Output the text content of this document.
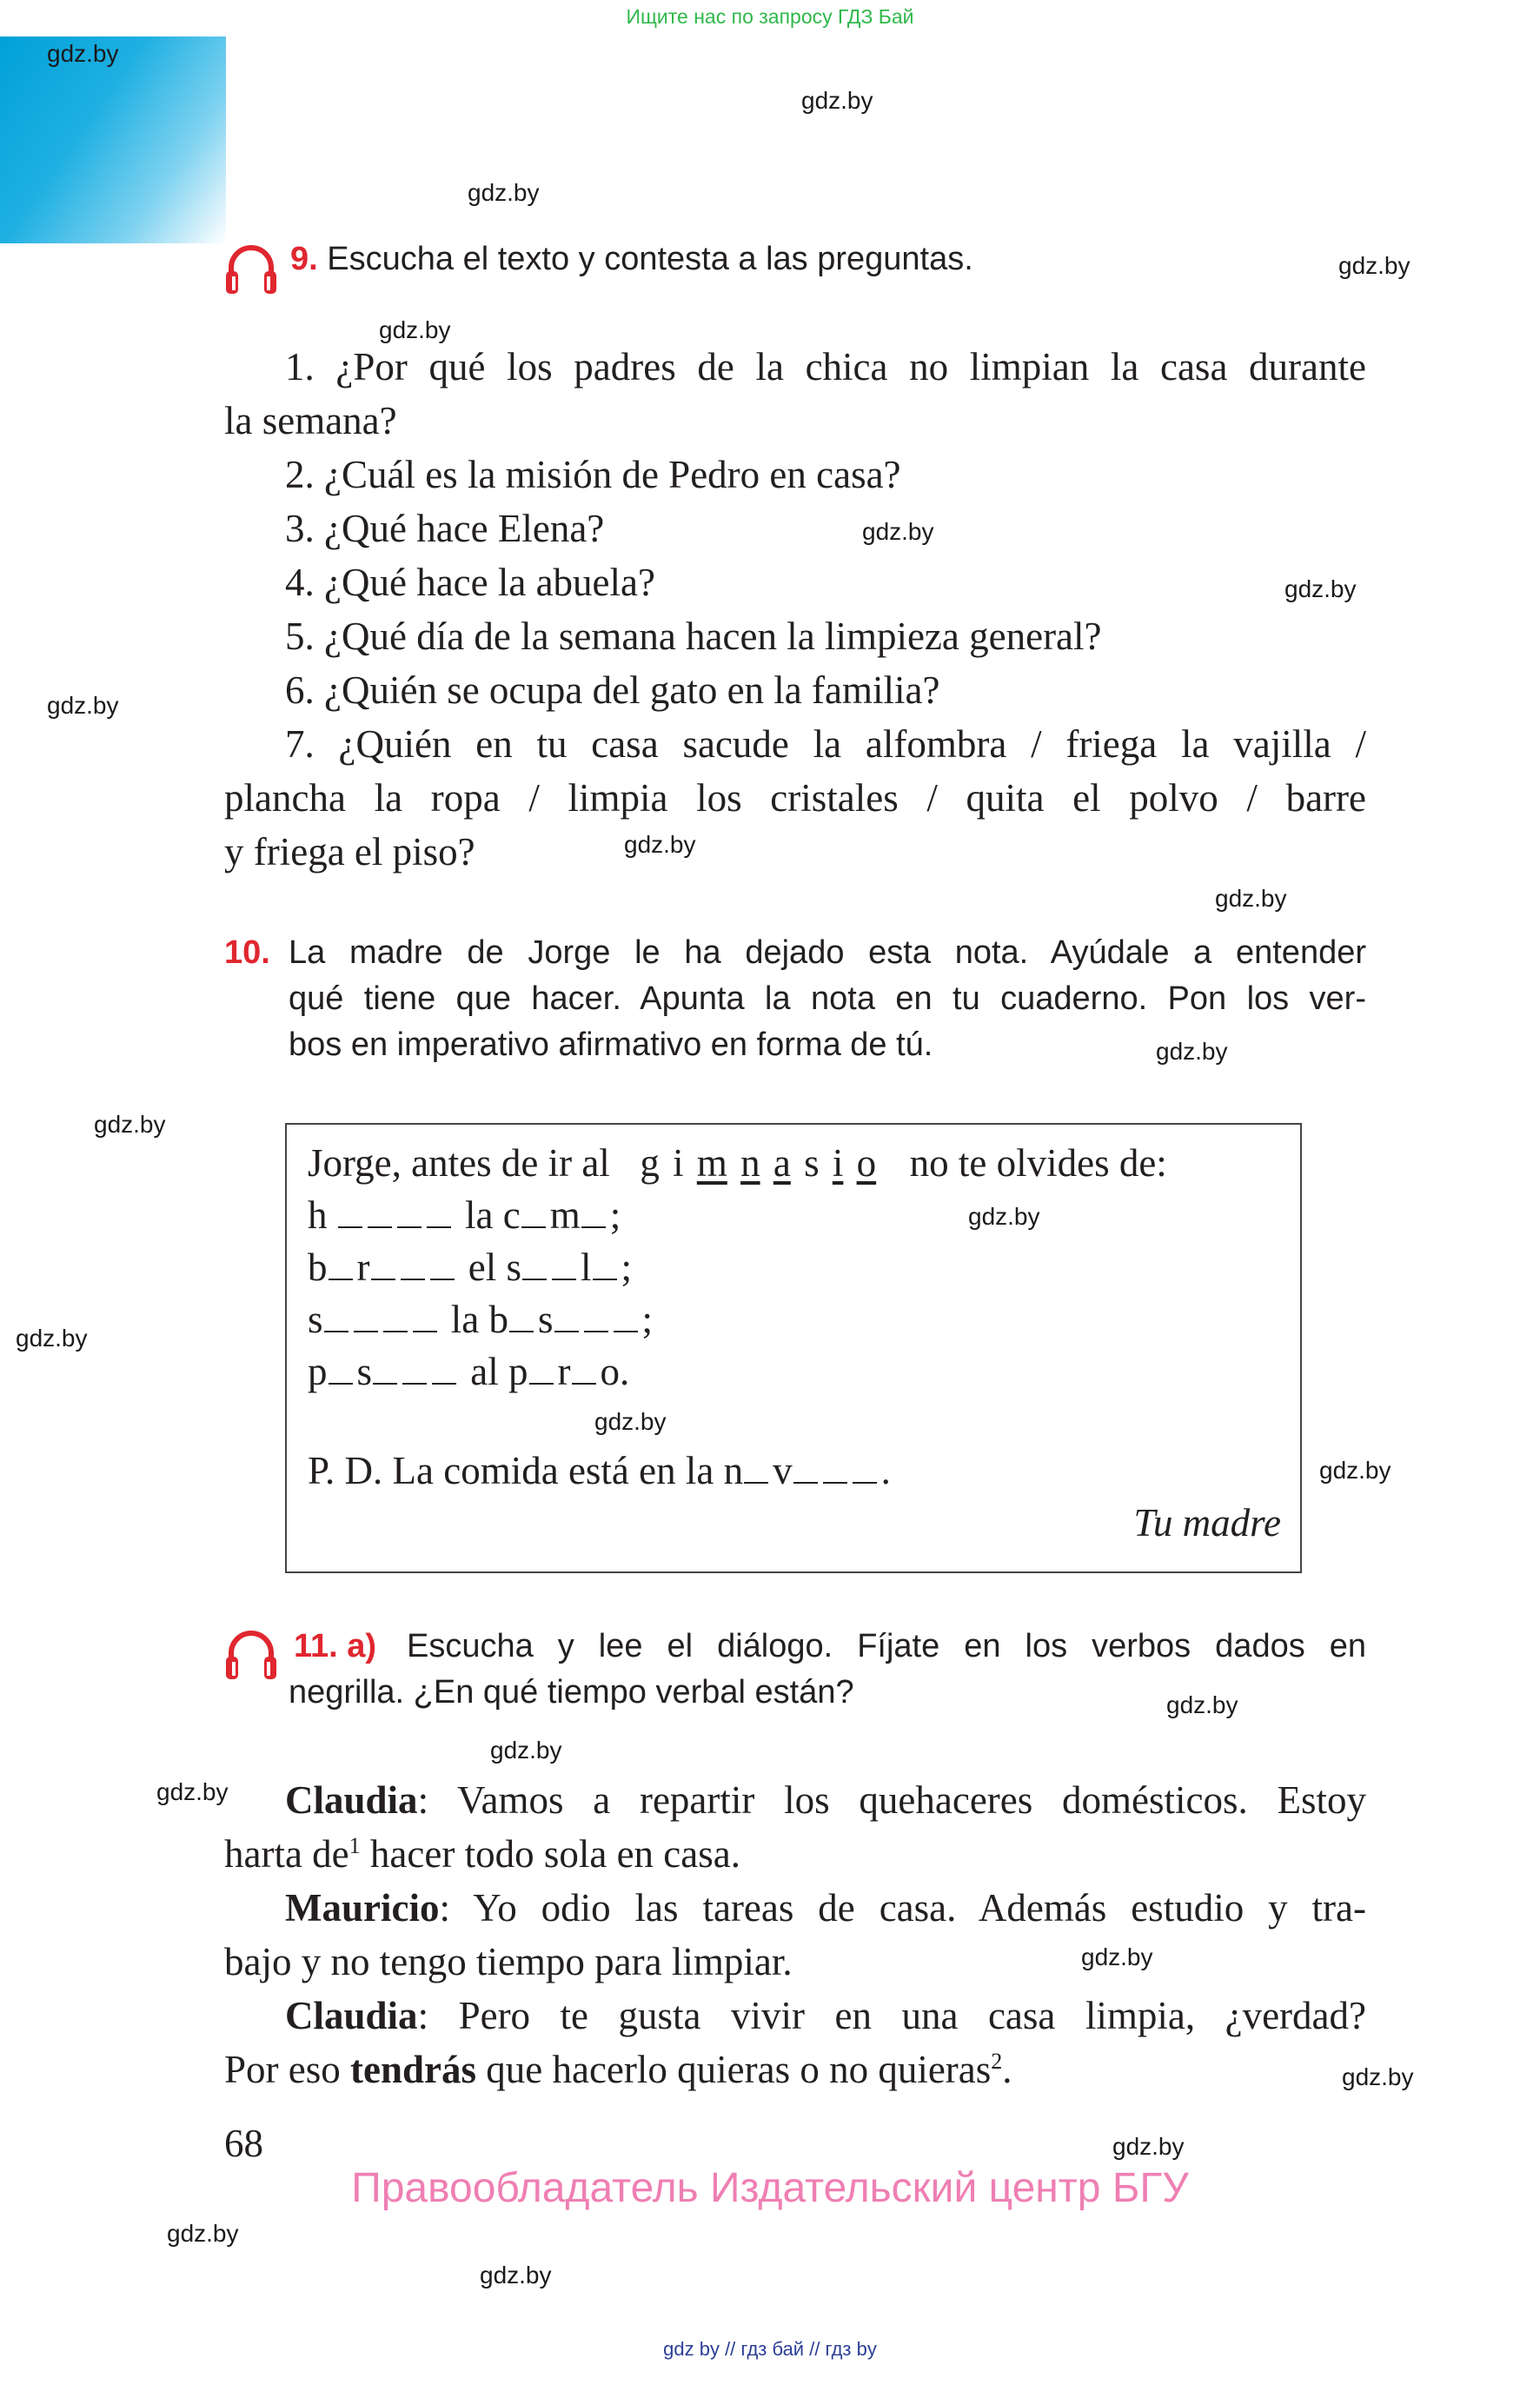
Ищите нас по запросу ГДЗ Бай
gdz.by
gdz.by
gdz.by
gdz.by
gdz.by
gdz.by
gdz.by
gdz.by
gdz.by
gdz.by
gdz.by
gdz.by
gdz.by
gdz.by
gdz.by
gdz.by
gdz.by
gdz.by
gdz.by
gdz.by
gdz.by
gdz.by
gdz.by
gdz.by
9. Escucha el texto y contesta a las preguntas.
1. ¿Por qué los padres de la chica no limpian la casa durante
la semana?
2. ¿Cuál es la misión de Pedro en casa?
3. ¿Qué hace Elena?
4. ¿Qué hace la abuela?
5. ¿Qué día de la semana hacen la limpieza general?
6. ¿Quién se ocupa del gato en la familia?
7. ¿Quién en tu casa sacude la alfombra / friega la vajilla /
plancha la ropa / limpia los cristales / quita el polvo / barre
y friega el piso?
10. La madre de Jorge le ha dejado esta nota. Ayúdale a entender
qué tiene que hacer. Apunta la nota en tu cuaderno. Pon los ver-
bos en imperativo afirmativo en forma de tú.
Jorge, antes de ir al g i m n a s i o no te olvides de:
h	la c m ;
b r	el s l ;
s	la b s ;
p s	al p r o.
P. D. La comida está en la n v .
Tu madre
11. a) Escucha y lee el diálogo. Fíjate en los verbos dados en
negrilla. ¿En qué tiempo verbal están?
Claudia: Vamos a repartir los quehaceres domésticos. Estoy
harta $de^1$ hacer todo sola en casa.
Mauricio: Yo odio las tareas de casa. Además estudio y tra-
bajo y no tengo tiempo para limpiar.
Claudia: Pero te gusta vivir en una casa limpia, ¿verdad?
Por eso tendrás que hacerlo quieras o no quieras$^2$.
68
Правообладатель Издательский центр БГУ
gdz by // гдз бай // гдз by
